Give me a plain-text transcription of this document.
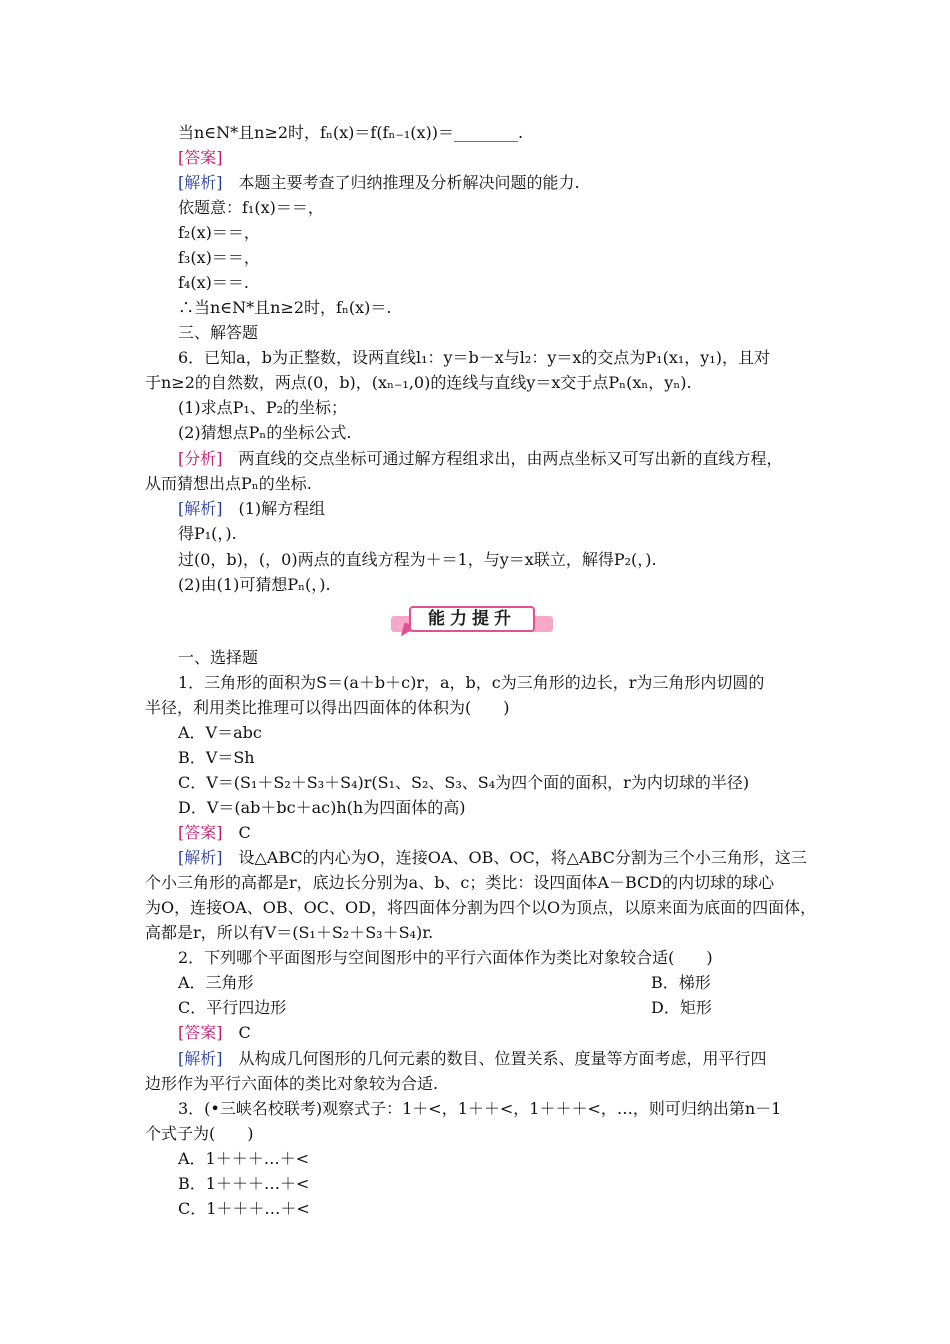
当n∈N*且n≥2时，fₙ(x)＝f(fₙ₋₁(x))＝________.
[答案]
[解析]　本题主要考查了归纳推理及分析解决问题的能力.
依题意：f₁(x)＝＝，
f₂(x)＝＝，
f₃(x)＝＝，
f₄(x)＝＝.
∴当n∈N*且n≥2时，fₙ(x)＝.
三、解答题
6．已知a，b为正整数，设两直线l₁：y＝b－x与l₂：y＝x的交点为P₁(x₁，y₁)，且对
于n≥2的自然数，两点(0，b)，(xₙ₋₁,0)的连线与直线y＝x交于点Pₙ(xₙ，yₙ).
(1)求点P₁、P₂的坐标；
(2)猜想点Pₙ的坐标公式.
[分析]　两直线的交点坐标可通过解方程组求出，由两点坐标又可写出新的直线方程，
从而猜想出点Pₙ的坐标.
[解析]　(1)解方程组
得P₁(，).
过(0，b)，(，0)两点的直线方程为＋＝1，与y＝x联立，解得P₂(，).
(2)由(1)可猜想Pₙ(，).
能力提升
一、选择题
1．三角形的面积为S＝(a＋b＋c)r，a，b，c为三角形的边长，r为三角形内切圆的
半径，利用类比推理可以得出四面体的体积为(　　)
A．V＝abc
B．V＝Sh
C．V＝(S₁＋S₂＋S₃＋S₄)r(S₁、S₂、S₃、S₄为四个面的面积，r为内切球的半径)
D．V＝(ab＋bc＋ac)h(h为四面体的高)
[答案]　C
[解析]　设△ABC的内心为O，连接OA、OB、OC，将△ABC分割为三个小三角形，这三
个小三角形的高都是r，底边长分别为a、b、c；类比：设四面体A－BCD的内切球的球心
为O，连接OA、OB、OC、OD，将四面体分割为四个以O为顶点，以原来面为底面的四面体，
高都是r，所以有V＝(S₁＋S₂＋S₃＋S₄)r.
2．下列哪个平面图形与空间图形中的平行六面体作为类比对象较合适(　　)
A．三角形	B．梯形
C．平行四边形	D．矩形
[答案]　C
[解析]　从构成几何图形的几何元素的数目、位置关系、度量等方面考虑，用平行四
边形作为平行六面体的类比对象较为合适.
3．(•三峡名校联考)观察式子：1＋<，1＋＋<，1＋＋＋<，…，则可归纳出第n－1
个式子为(　　)
A．1＋＋＋…＋<
B．1＋＋＋…＋<
C．1＋＋＋…＋<
